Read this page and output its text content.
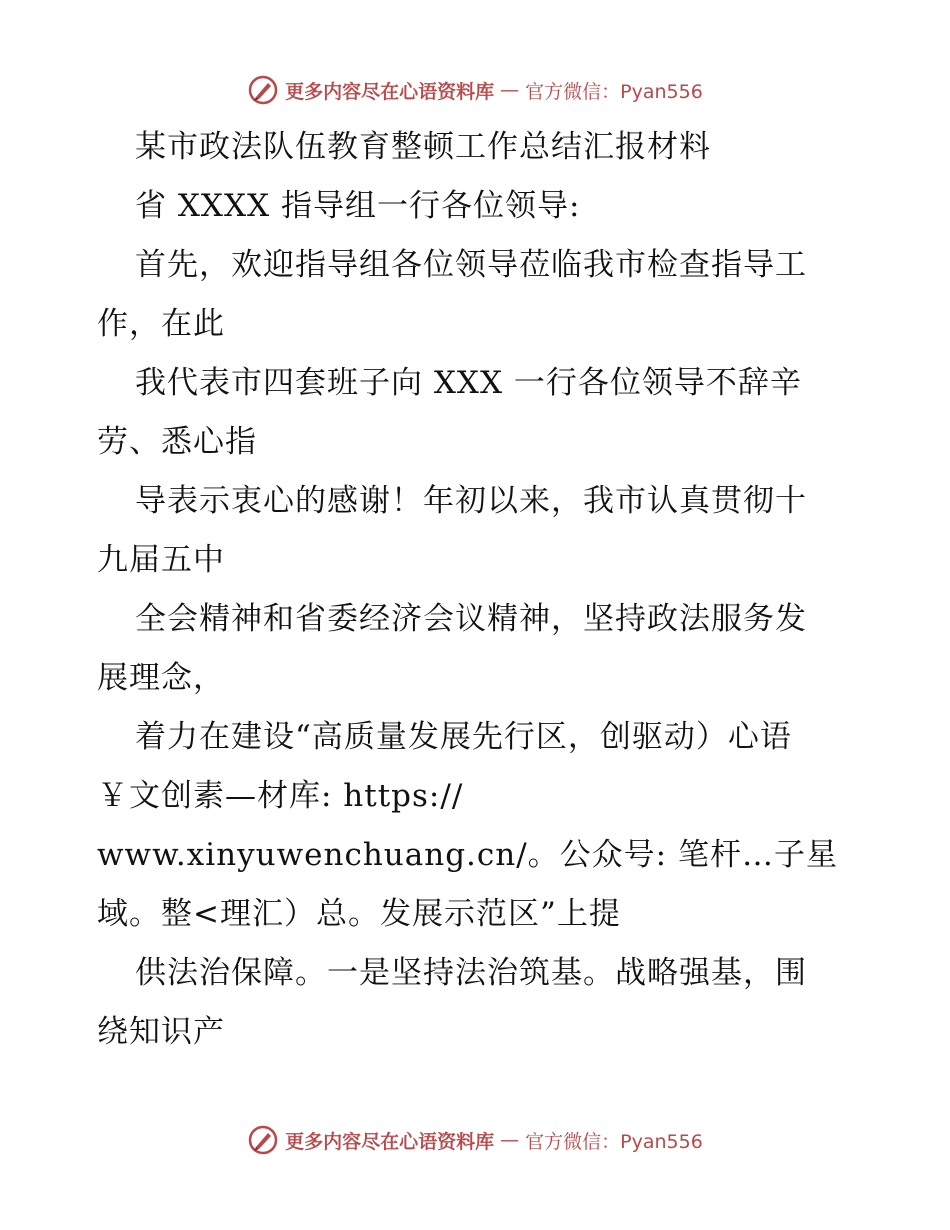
更多内容尽在心语资料库 — 官方微信：Pyan556
某市政法队伍教育整顿工作总结汇报材料
省 XXXX 指导组一行各位领导:
首先，欢迎指导组各位领导莅临我市检查指导工
作，在此
我代表市四套班子向 XXX 一行各位领导不辞辛
劳、悉心指
导表示衷心的感谢！年初以来，我市认真贯彻十
九届五中
全会精神和省委经济会议精神，坚持政法服务发
展理念，
着力在建设“高质量发展先行区，创驱动）心语
￥文创素—材库: https://
www.xinyuwenchuang.cn/。公众号: 笔杆…子星
域。整<理汇）总。发展示范区”上提
供法治保障。一是坚持法治筑基。战略强基，围
绕知识产
更多内容尽在心语资料库 — 官方微信：Pyan556
